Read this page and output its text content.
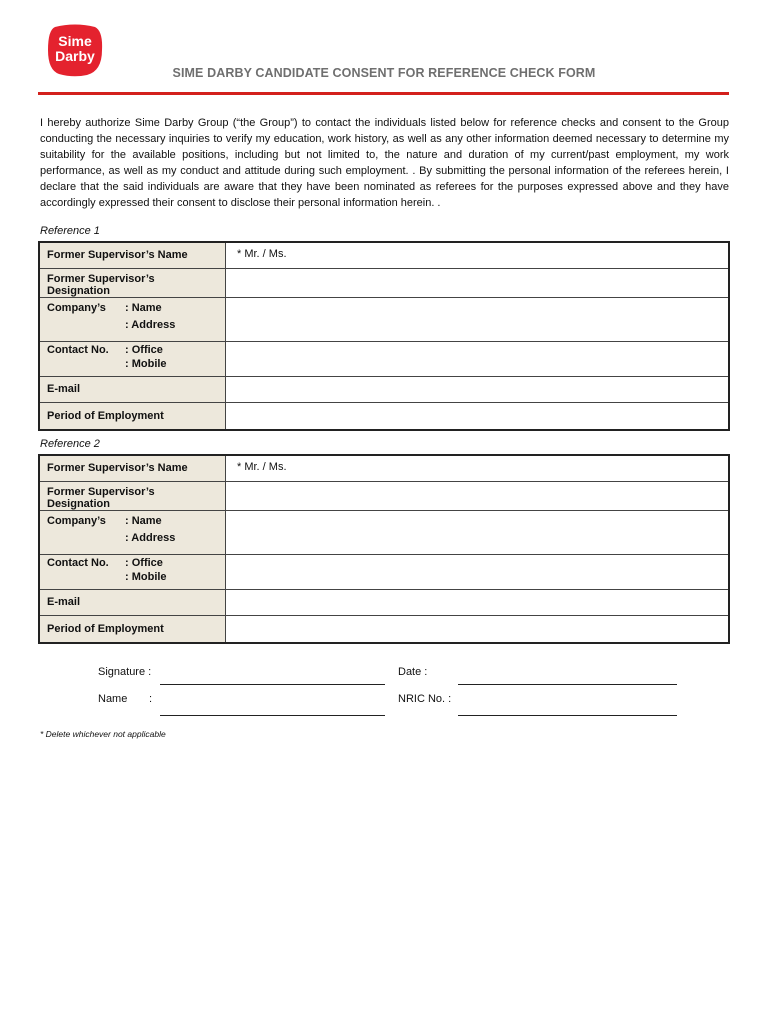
Sime
Darby
SIME DARBY CANDIDATE CONSENT FOR REFERENCE CHECK FORM
I hereby authorize Sime Darby Group (“the Group”) to contact the individuals listed below for reference checks and consent to the Group conducting the necessary inquiries to verify my education, work history, as well as any other information deemed necessary to determine my suitability for the available positions, including but not limited to, the nature and duration of my current/past employment, my work performance, as well as my conduct and attitude during such employment. . By submitting the personal information of the referees herein, I declare that the said individuals are aware that they have been nominated as referees for the purposes expressed above and they have accordingly expressed their consent to disclose their personal information herein. .
Reference 1
Former Supervisor’s Name	* Mr. / Ms.
Former Supervisor’s Designation	

Company’s : Name
: Address	

Contact No. : Office
: Mobile	

E-mail	
Period of Employment	
Reference 2
Former Supervisor’s Name	* Mr. / Ms.
Former Supervisor’s Designation	

Company’s : Name
: Address	

Contact No. : Office
: Mobile	

E-mail	
Period of Employment	
Signature :	Date :
Name :	NRIC No. :
* Delete whichever not applicable
